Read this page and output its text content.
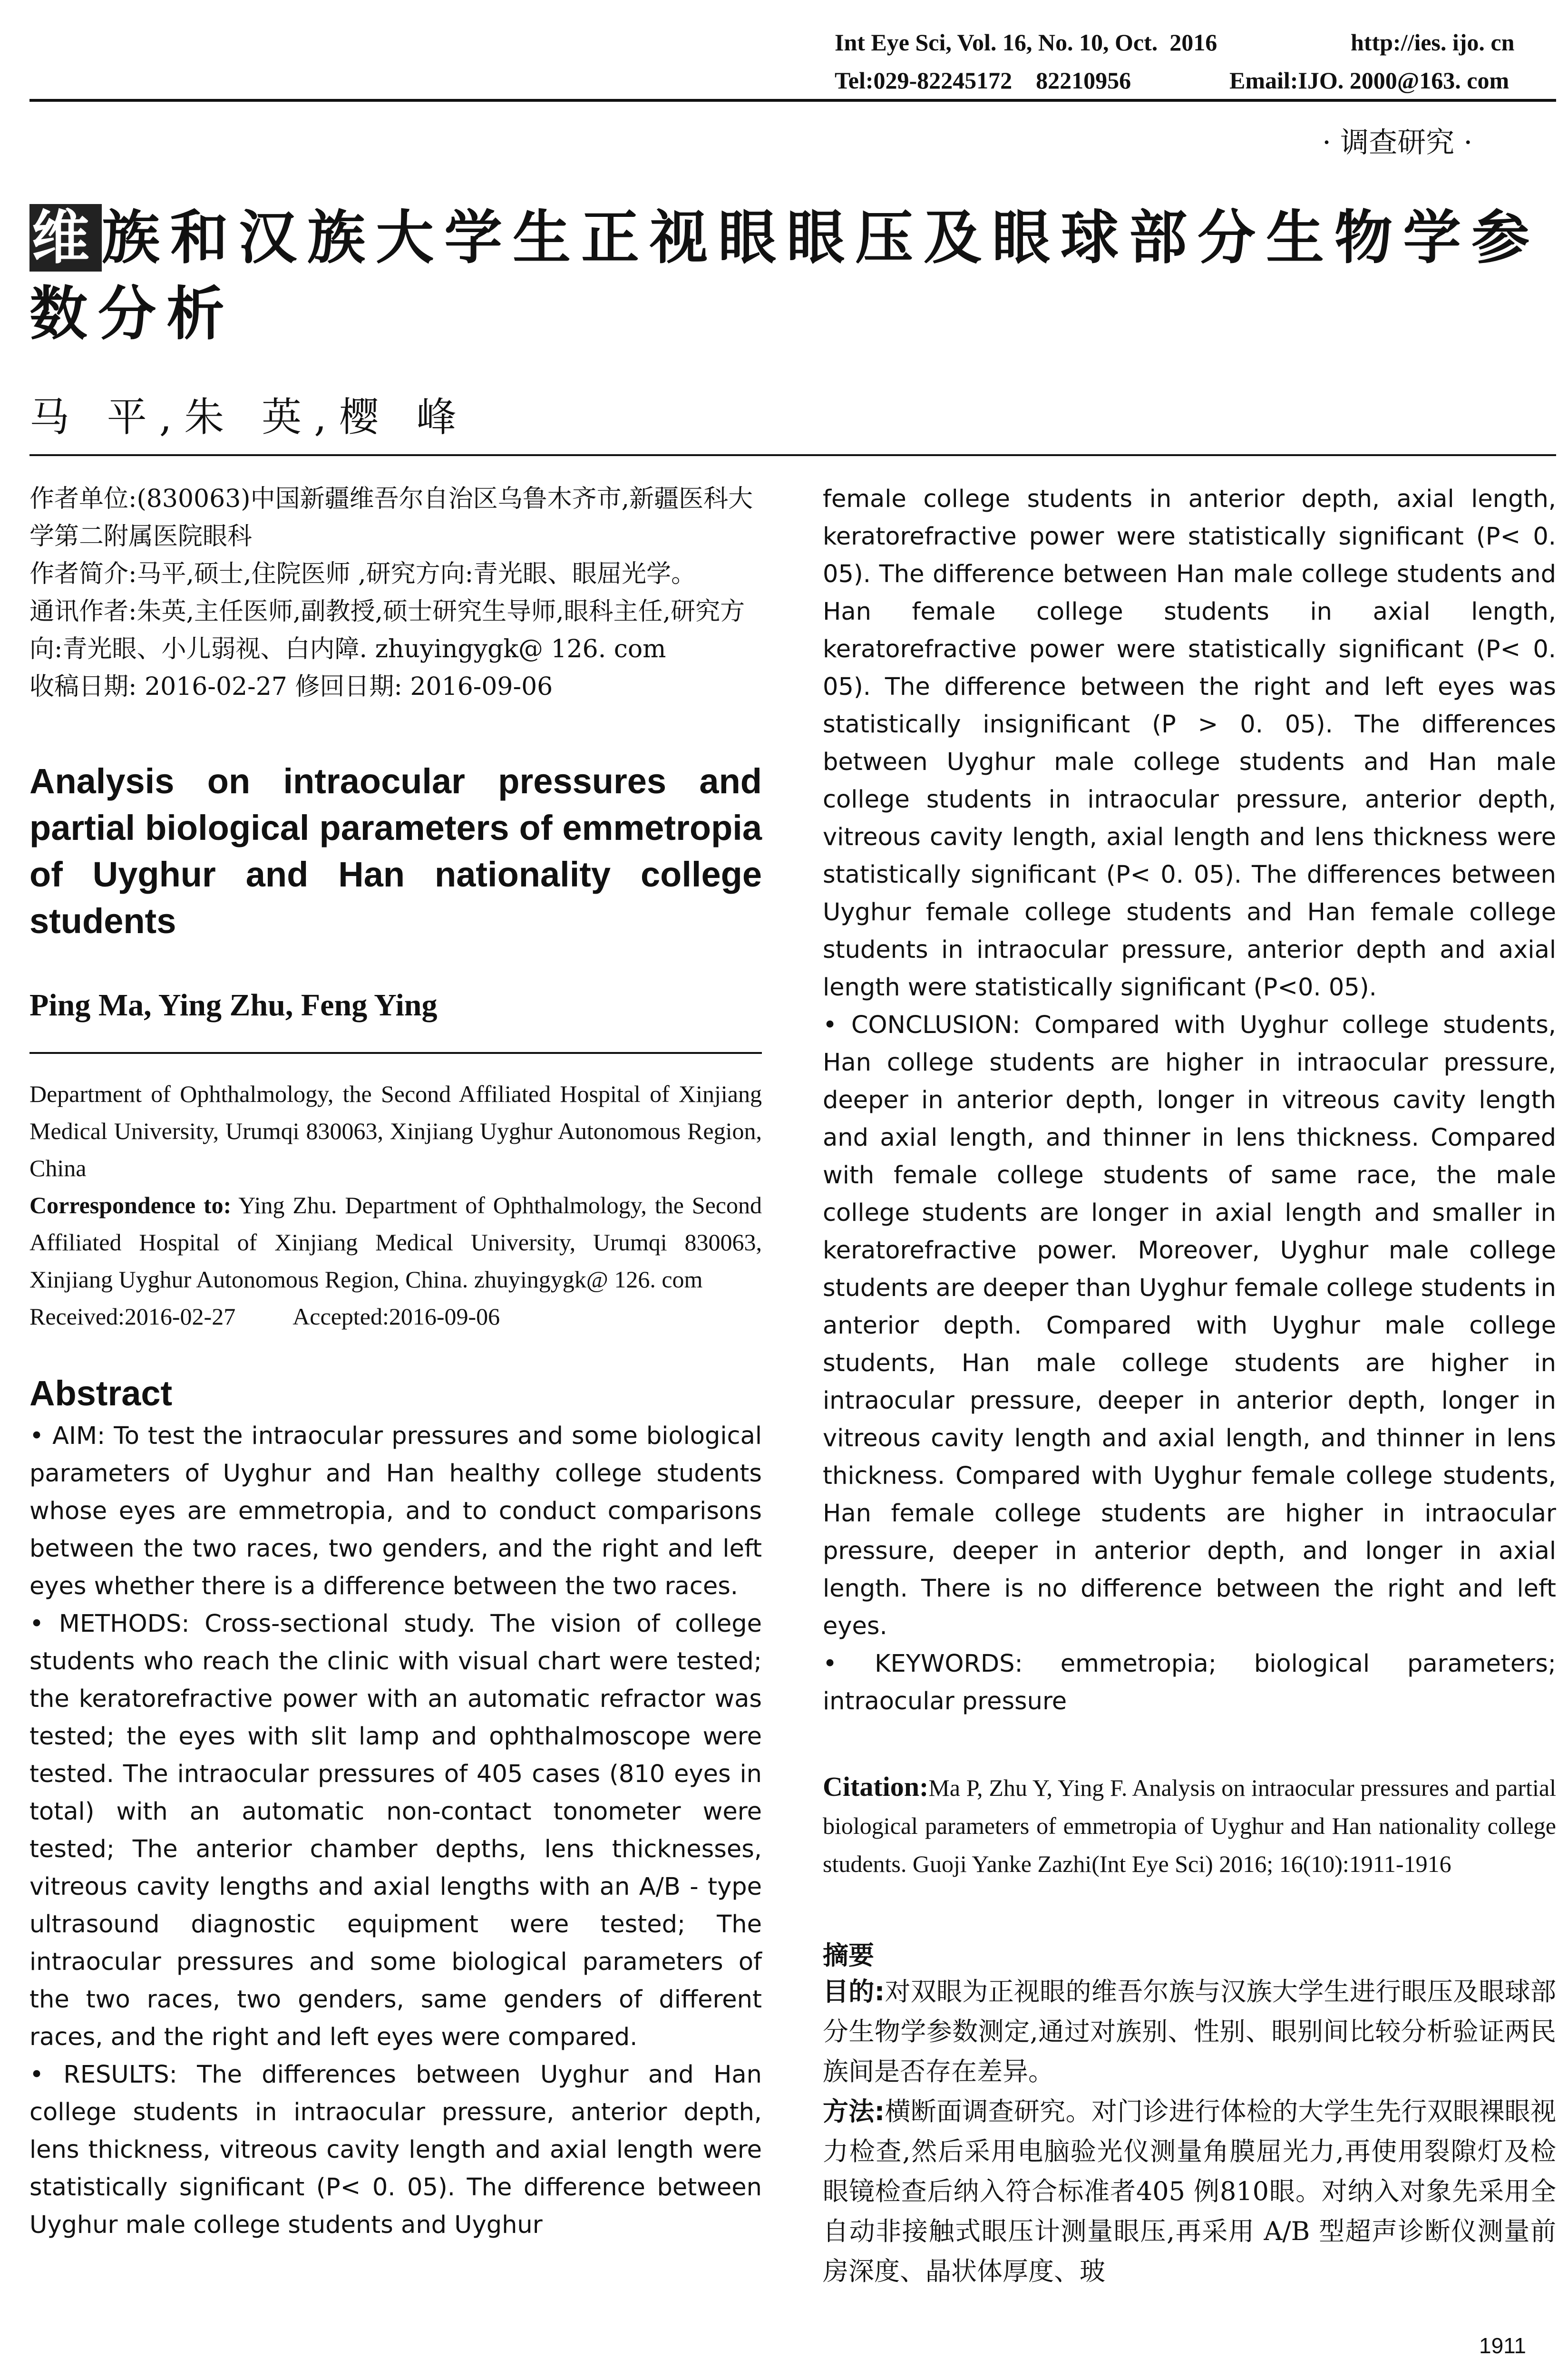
Int Eye Sci, Vol. 16, No. 10, Oct.  2016	http://ies. ijo. cn
Tel:029-82245172    82210956	Email:IJO. 2000@163. com
· 调查研究 ·
维族和汉族大学生正视眼眼压及眼球部分生物学参数分析
马 平,朱 英,樱 峰

作者单位:(830063)中国新疆维吾尔自治区乌鲁木齐市,新疆医科大学第二附属医院眼科

作者简介:马平,硕士,住院医师 ,研究方向:青光眼、眼屈光学。

通讯作者:朱英,主任医师,副教授,硕士研究生导师,眼科主任,研究方向:青光眼、小儿弱视、白内障. zhuyingygk@ 126. com

收稿日期: 2016-02-27 修回日期: 2016-09-06

Analysis on intraocular pressures and partial biological parameters of emmetropia of Uyghur and Han nationality college students
Ping Ma, Ying Zhu, Feng Ying

Department of Ophthalmology, the Second Affiliated Hospital of Xinjiang Medical University, Urumqi 830063, Xinjiang Uyghur Autonomous Region, China

Correspondence to: Ying Zhu. Department of Ophthalmology, the Second Affiliated Hospital of Xinjiang Medical University, Urumqi 830063, Xinjiang Uyghur Autonomous Region, China. zhuyingygk@ 126. com

Received:2016-02-27 Accepted:2016-09-06

Abstract

• AIM: To test the intraocular pressures and some biological parameters of Uyghur and Han healthy college students whose eyes are emmetropia, and to conduct comparisons between the two races, two genders, and the right and left eyes whether there is a difference between the two races.

• METHODS: Cross-sectional study. The vision of college students who reach the clinic with visual chart were tested; the keratorefractive power with an automatic refractor was tested; the eyes with slit lamp and ophthalmoscope were tested. The intraocular pressures of 405 cases (810 eyes in total) with an automatic non-contact tonometer were tested; The anterior chamber depths, lens thicknesses, vitreous cavity lengths and axial lengths with an A/B - type ultrasound diagnostic equipment were tested; The intraocular pressures and some biological parameters of the two races, two genders, same genders of different races, and the right and left eyes were compared.

• RESULTS: The differences between Uyghur and Han college students in intraocular pressure, anterior depth, lens thickness, vitreous cavity length and axial length were statistically significant (P< 0. 05). The difference between Uyghur male college students and Uyghur

female college students in anterior depth, axial length, keratorefractive power were statistically significant (P< 0. 05). The difference between Han male college students and Han female college students in axial length, keratorefractive power were statistically significant (P< 0. 05). The difference between the right and left eyes was statistically insignificant (P > 0. 05). The differences between Uyghur male college students and Han male college students in intraocular pressure, anterior depth, vitreous cavity length, axial length and lens thickness were statistically significant (P< 0. 05). The differences between Uyghur female college students and Han female college students in intraocular pressure, anterior depth and axial length were statistically significant (P<0. 05).

• CONCLUSION: Compared with Uyghur college students, Han college students are higher in intraocular pressure, deeper in anterior depth, longer in vitreous cavity length and axial length, and thinner in lens thickness. Compared with female college students of same race, the male college students are longer in axial length and smaller in keratorefractive power. Moreover, Uyghur male college students are deeper than Uyghur female college students in anterior depth. Compared with Uyghur male college students, Han male college students are higher in intraocular pressure, deeper in anterior depth, longer in vitreous cavity length and axial length, and thinner in lens thickness. Compared with Uyghur female college students, Han female college students are higher in intraocular pressure, deeper in anterior depth, and longer in axial length. There is no difference between the right and left eyes.

• KEYWORDS: emmetropia; biological parameters; intraocular pressure

Citation:Ma P, Zhu Y, Ying F. Analysis on intraocular pressures and partial biological parameters of emmetropia of Uyghur and Han nationality college students. Guoji Yanke Zazhi(Int Eye Sci) 2016; 16(10):1911-1916
摘要

目的:对双眼为正视眼的维吾尔族与汉族大学生进行眼压及眼球部分生物学参数测定,通过对族别、性别、眼别间比较分析验证两民族间是否存在差异。

方法:横断面调查研究。对门诊进行体检的大学生先行双眼裸眼视力检查,然后采用电脑验光仪测量角膜屈光力,再使用裂隙灯及检眼镜检查后纳入符合标准者405 例810眼。对纳入对象先采用全自动非接触式眼压计测量眼压,再采用 A/B 型超声诊断仪测量前房深度、晶状体厚度、玻

1911
